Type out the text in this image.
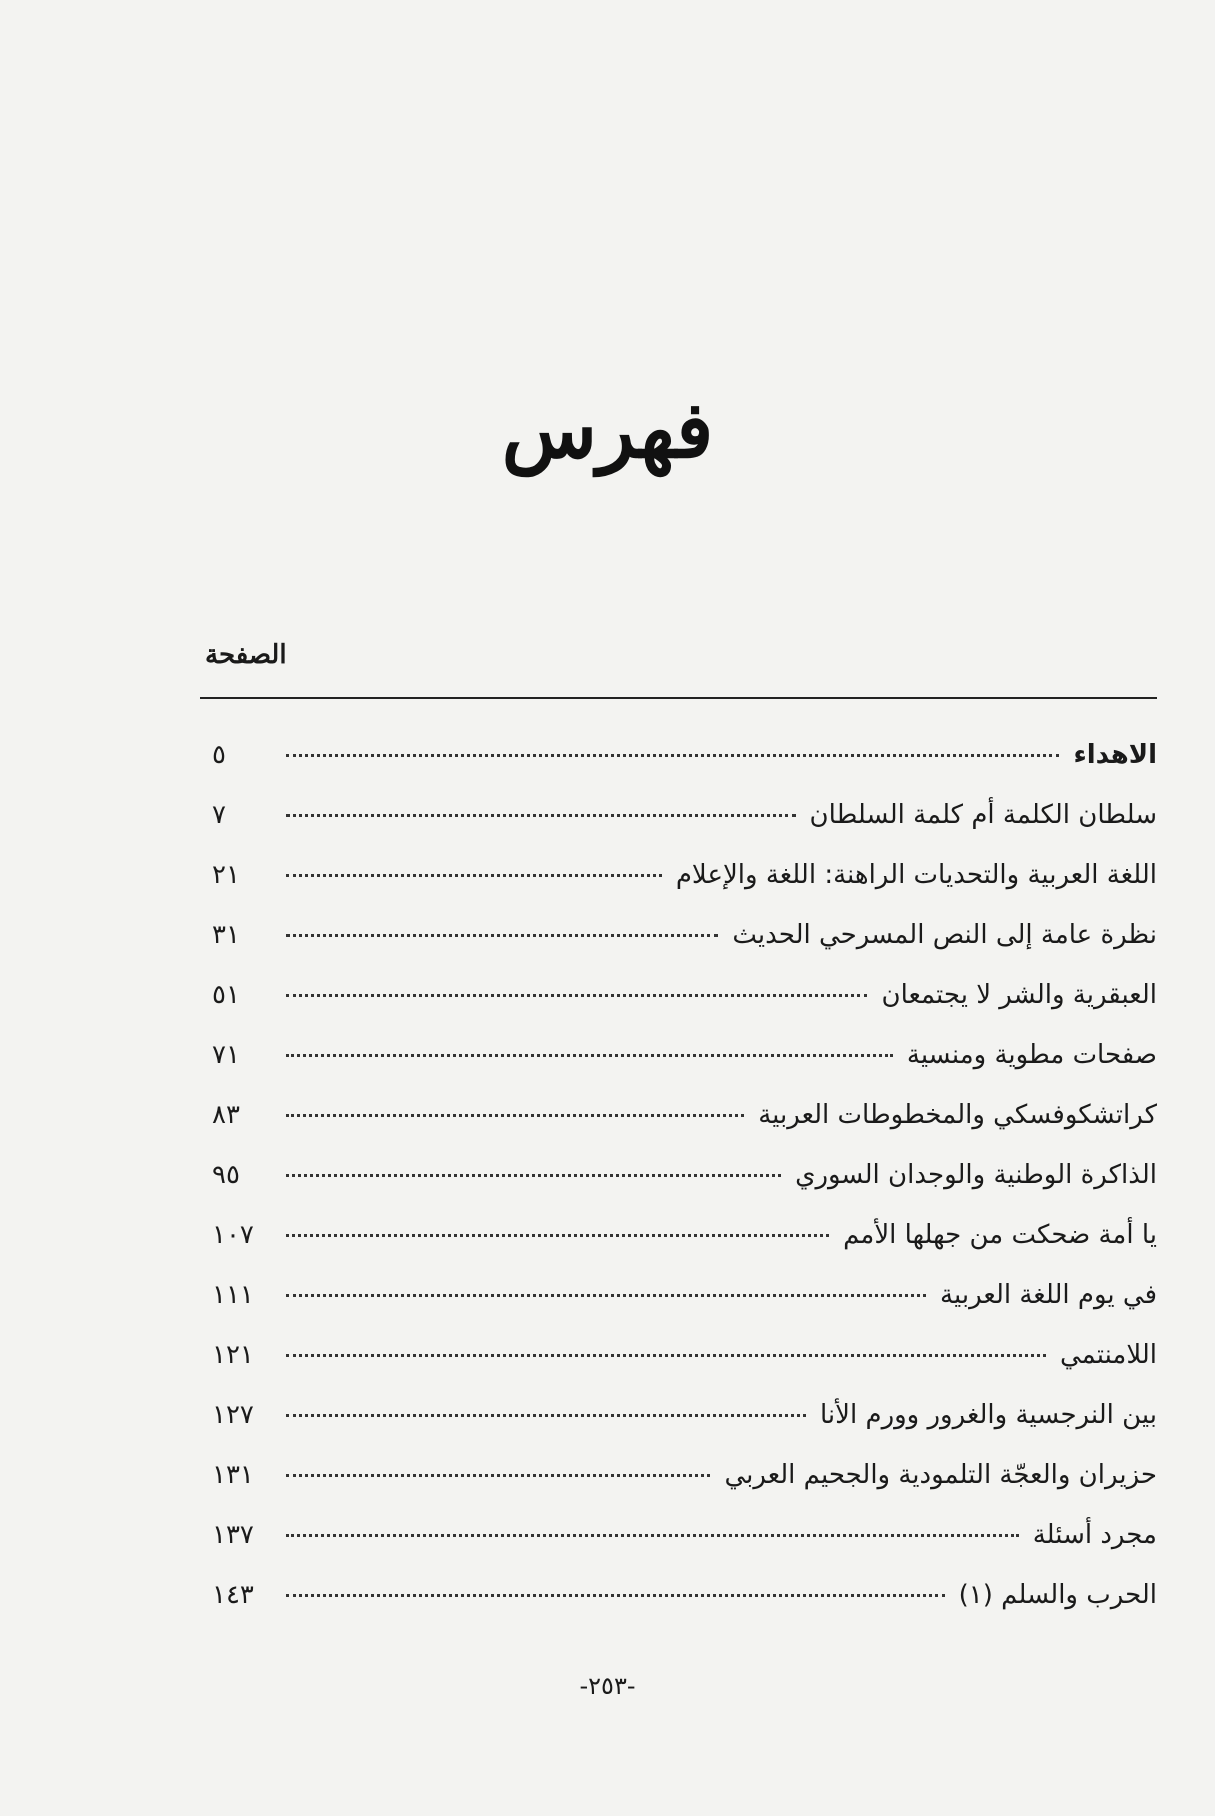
فهرس
الصفحة
الاهداء
٥
سلطان الكلمة أم كلمة السلطان
٧
اللغة العربية والتحديات الراهنة: اللغة والإعلام
٢١
نظرة عامة إلى النص المسرحي الحديث
٣١
العبقرية والشر لا يجتمعان
٥١
صفحات مطوية ومنسية
٧١
كراتشكوفسكي والمخطوطات العربية
٨٣
الذاكرة الوطنية والوجدان السوري
٩٥
يا أمة ضحكت من جهلها الأمم
١٠٧
في يوم اللغة العربية
١١١
اللامنتمي
١٢١
بين النرجسية والغرور وورم الأنا
١٢٧
حزيران والعجّة التلمودية والجحيم العربي
١٣١
مجرد أسئلة
١٣٧
الحرب والسلم (١)
١٤٣
-٢٥٣-
